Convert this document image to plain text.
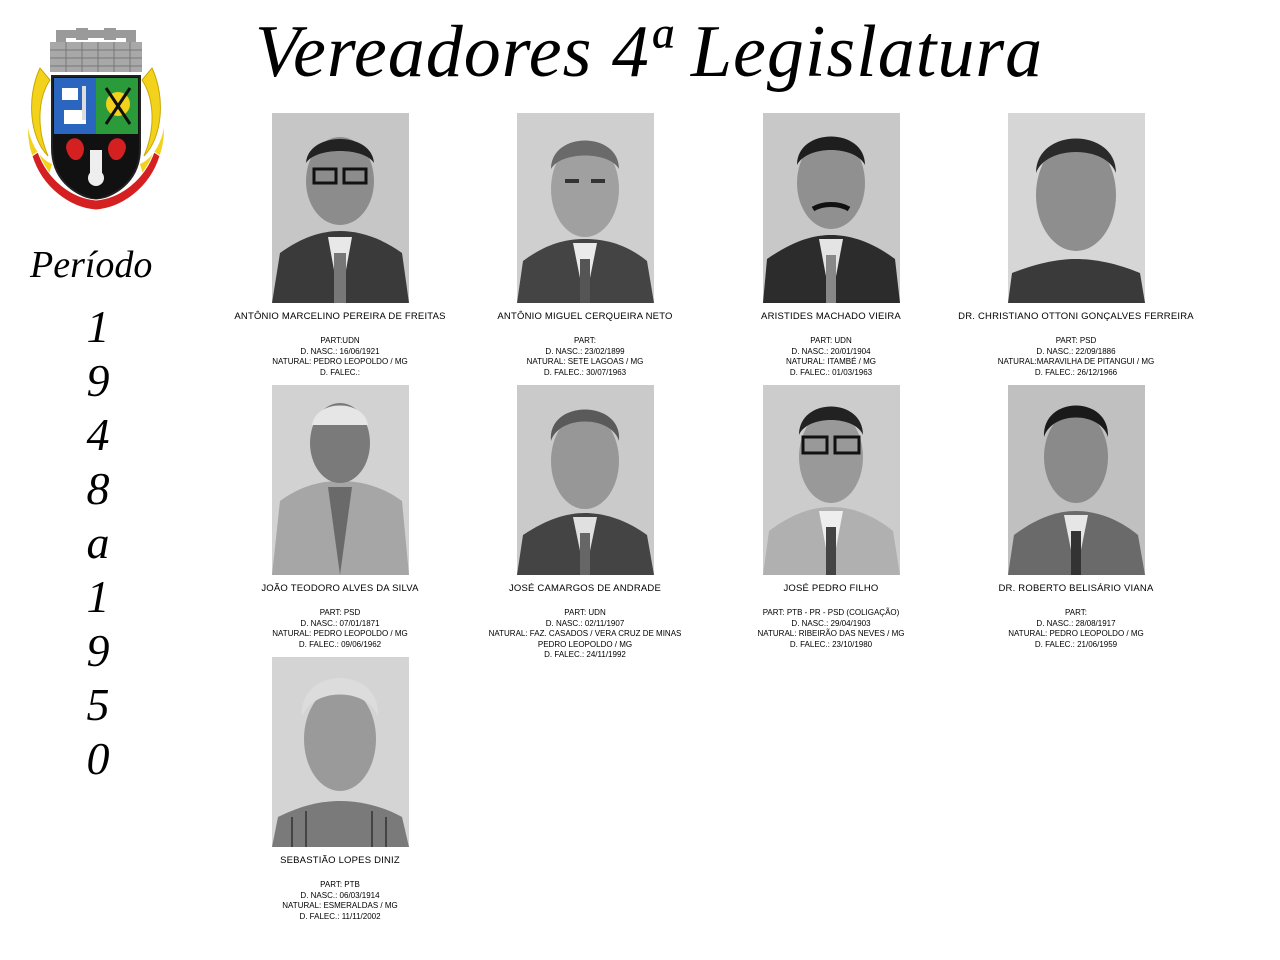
Vereadores 4ª Legislatura
Período
1
9
4
8
a
1
9
5
0
ANTÔNIO MARCELINO PEREIRA DE FREITAS
PART:UDN
D. NASC.: 16/06/1921
NATURAL: PEDRO LEOPOLDO / MG
D. FALEC.:
ANTÔNIO MIGUEL CERQUEIRA NETO
PART:
D. NASC.: 23/02/1899
NATURAL: SETE LAGOAS / MG
D. FALEC.: 30/07/1963
ARISTIDES MACHADO VIEIRA
PART: UDN
D. NASC.: 20/01/1904
NATURAL: ITAMBÉ / MG
D. FALEC.: 01/03/1963
DR. CHRISTIANO OTTONI GONÇALVES FERREIRA
PART: PSD
D. NASC.: 22/09/1886
NATURAL:MARAVILHA DE PITANGUI / MG
D. FALEC.: 26/12/1966
JOÃO TEODORO ALVES DA SILVA
PART: PSD
D. NASC.: 07/01/1871
NATURAL: PEDRO LEOPOLDO / MG
D. FALEC.: 09/06/1962
JOSÉ CAMARGOS DE ANDRADE
PART: UDN
D. NASC.: 02/11/1907
NATURAL: FAZ. CASADOS / VERA CRUZ DE MINAS
PEDRO LEOPOLDO / MG
D. FALEC.: 24/11/1992
JOSÉ PEDRO FILHO
PART: PTB - PR - PSD (COLIGAÇÃO)
D. NASC.: 29/04/1903
NATURAL: RIBEIRÃO DAS NEVES / MG
D. FALEC.: 23/10/1980
DR. ROBERTO BELISÁRIO VIANA
PART:
D. NASC.: 28/08/1917
NATURAL: PEDRO LEOPOLDO / MG
D. FALEC.: 21/06/1959
SEBASTIÃO LOPES DINIZ
PART: PTB
D. NASC.: 06/03/1914
NATURAL: ESMERALDAS / MG
D. FALEC.: 11/11/2002
